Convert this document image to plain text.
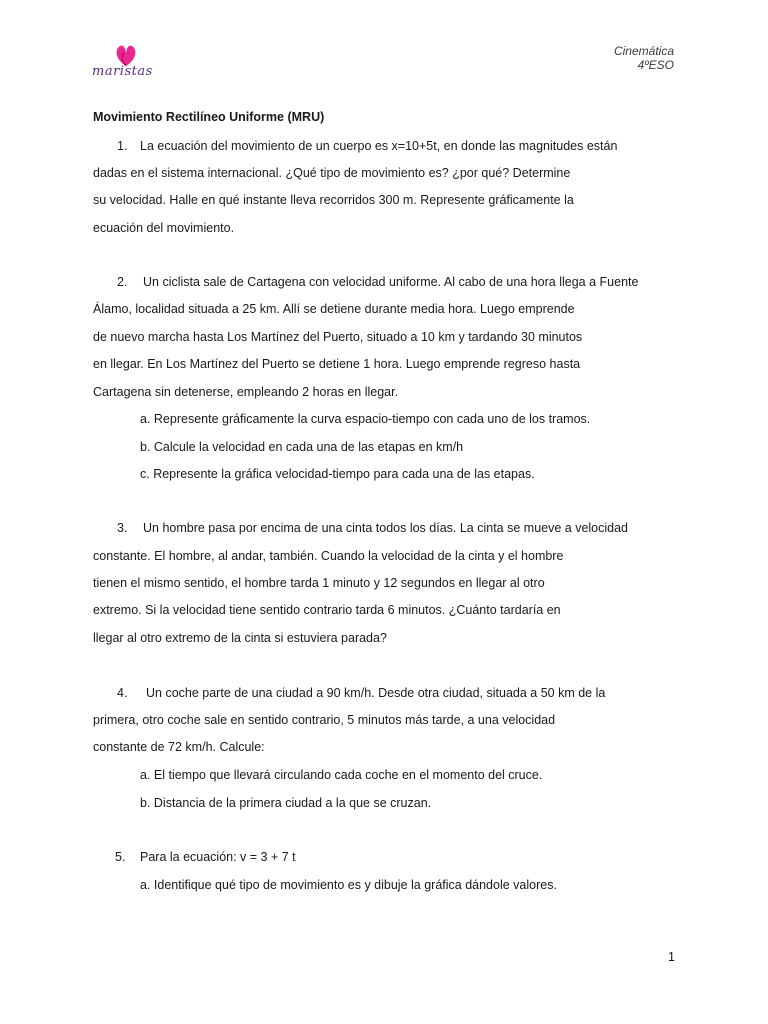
maristas
Cinemática
4ºESO
Movimiento Rectilíneo Uniforme (MRU)
1. La ecuación del movimiento de un cuerpo es x=10+5t, en donde las magnitudes están
dadas en el sistema internacional. ¿Qué tipo de movimiento es? ¿por qué? Determine
su velocidad. Halle en qué instante lleva recorridos 300 m. Represente gráficamente la
ecuación del movimiento.
2. Un ciclista sale de Cartagena con velocidad uniforme. Al cabo de una hora llega a Fuente
Álamo, localidad situada a 25 km. Allí se detiene durante media hora. Luego emprende
de nuevo marcha hasta Los Martínez del Puerto, situado a 10 km y tardando 30 minutos
en llegar. En Los Martínez del Puerto se detiene 1 hora. Luego emprende regreso hasta
Cartagena sin detenerse, empleando 2 horas en llegar.
a. Represente gráficamente la curva espacio-tiempo con cada uno de los tramos.
b. Calcule la velocidad en cada una de las etapas en km/h
c. Represente la gráfica velocidad-tiempo para cada una de las etapas.
3. Un hombre pasa por encima de una cinta todos los días. La cinta se mueve a velocidad
constante. El hombre, al andar, también. Cuando la velocidad de la cinta y el hombre
tienen el mismo sentido, el hombre tarda 1 minuto y 12 segundos en llegar al otro
extremo. Si la velocidad tiene sentido contrario tarda 6 minutos. ¿Cuánto tardaría en
llegar al otro extremo de la cinta si estuviera parada?
4. Un coche parte de una ciudad a 90 km/h. Desde otra ciudad, situada a 50 km de la
primera, otro coche sale en sentido contrario, 5 minutos más tarde, a una velocidad
constante de 72 km/h. Calcule:
a. El tiempo que llevará circulando cada coche en el momento del cruce.
b. Distancia de la primera ciudad a la que se cruzan.
5. Para la ecuación: v = 3 + 7 t
a. Identifique qué tipo de movimiento es y dibuje la gráfica dándole valores.
1
